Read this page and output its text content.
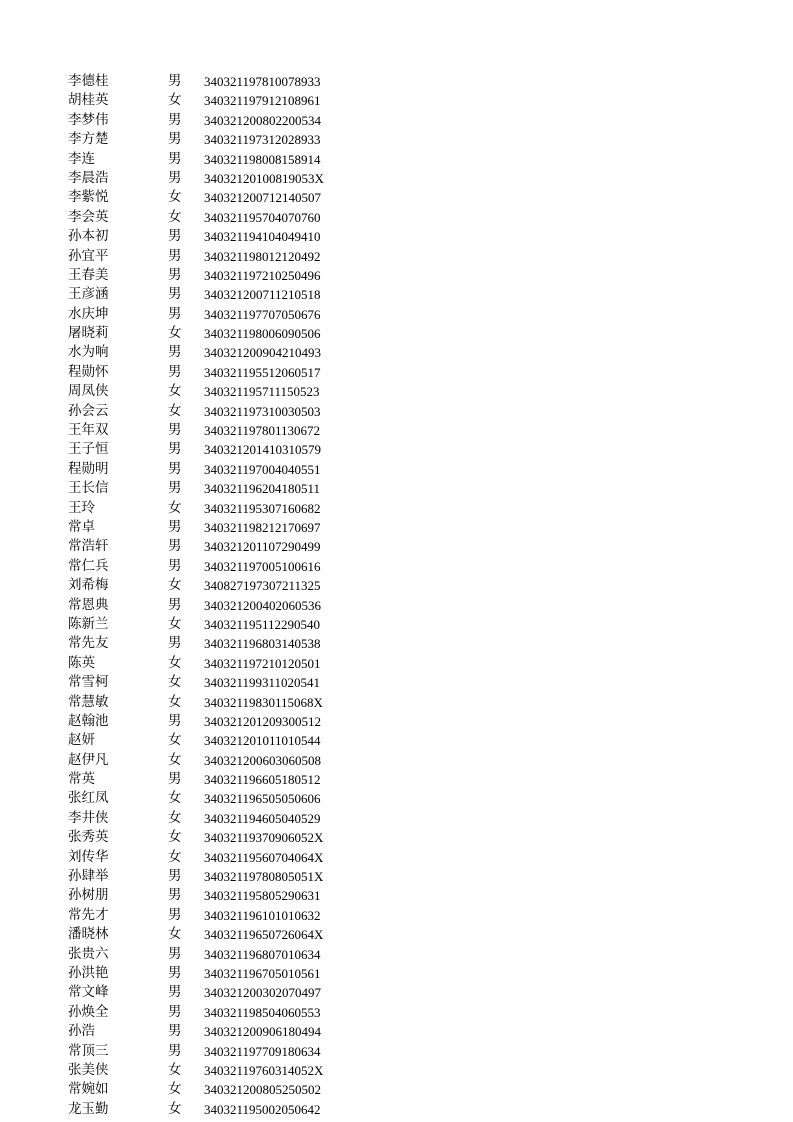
李德桂	男 340321197810078933
胡桂英	女 340321197912108961
李梦伟	男 340321200802200534
李方楚	男 340321197312028933
李连	男 340321198008158914
李晨浩	男 34032120100819053X
李紫悦	女 340321200712140507
李会英	女 340321195704070760
孙本初	男 340321194104049410
孙宜平	男 340321198012120492
王春美	男 340321197210250496
王彦涵	男 340321200711210518
水庆坤	男 340321197707050676
屠晓莉	女 340321198006090506
水为响	男 340321200904210493
程勋怀	男 340321195512060517
周凤侠	女 340321195711150523
孙会云	女 340321197310030503
王年双	男 340321197801130672
王子恒	男 340321201410310579
程勋明	男 340321197004040551
王长信	男 340321196204180511
王玲	女 340321195307160682
常卓	男 340321198212170697
常浩轩	男 340321201107290499
常仁兵	男 340321197005100616
刘希梅	女 340827197307211325
常恩典	男 340321200402060536
陈新兰	女 340321195112290540
常先友	男 340321196803140538
陈英	女 340321197210120501
常雪柯	女 340321199311020541
常慧敏	女 34032119830115068X
赵翰池	男 340321201209300512
赵妍	女 340321201011010544
赵伊凡	女 340321200603060508
常英	男 340321196605180512
张红凤	女 340321196505050606
李井侠	女 340321194605040529
张秀英	女 34032119370906052X
刘传华	女 34032119560704064X
孙肆举	男 34032119780805051X
孙树朋	男 340321195805290631
常先才	男 340321196101010632
潘晓林	女 34032119650726064X
张贵六	男 340321196807010634
孙洪艳	男 340321196705010561
常文峰	男 340321200302070497
孙焕全	男 340321198504060553
孙浩	男 340321200906180494
常顶三	男 340321197709180634
张美侠	女 34032119760314052X
常婉如	女 340321200805250502
龙玉勤	女 340321195002050642
